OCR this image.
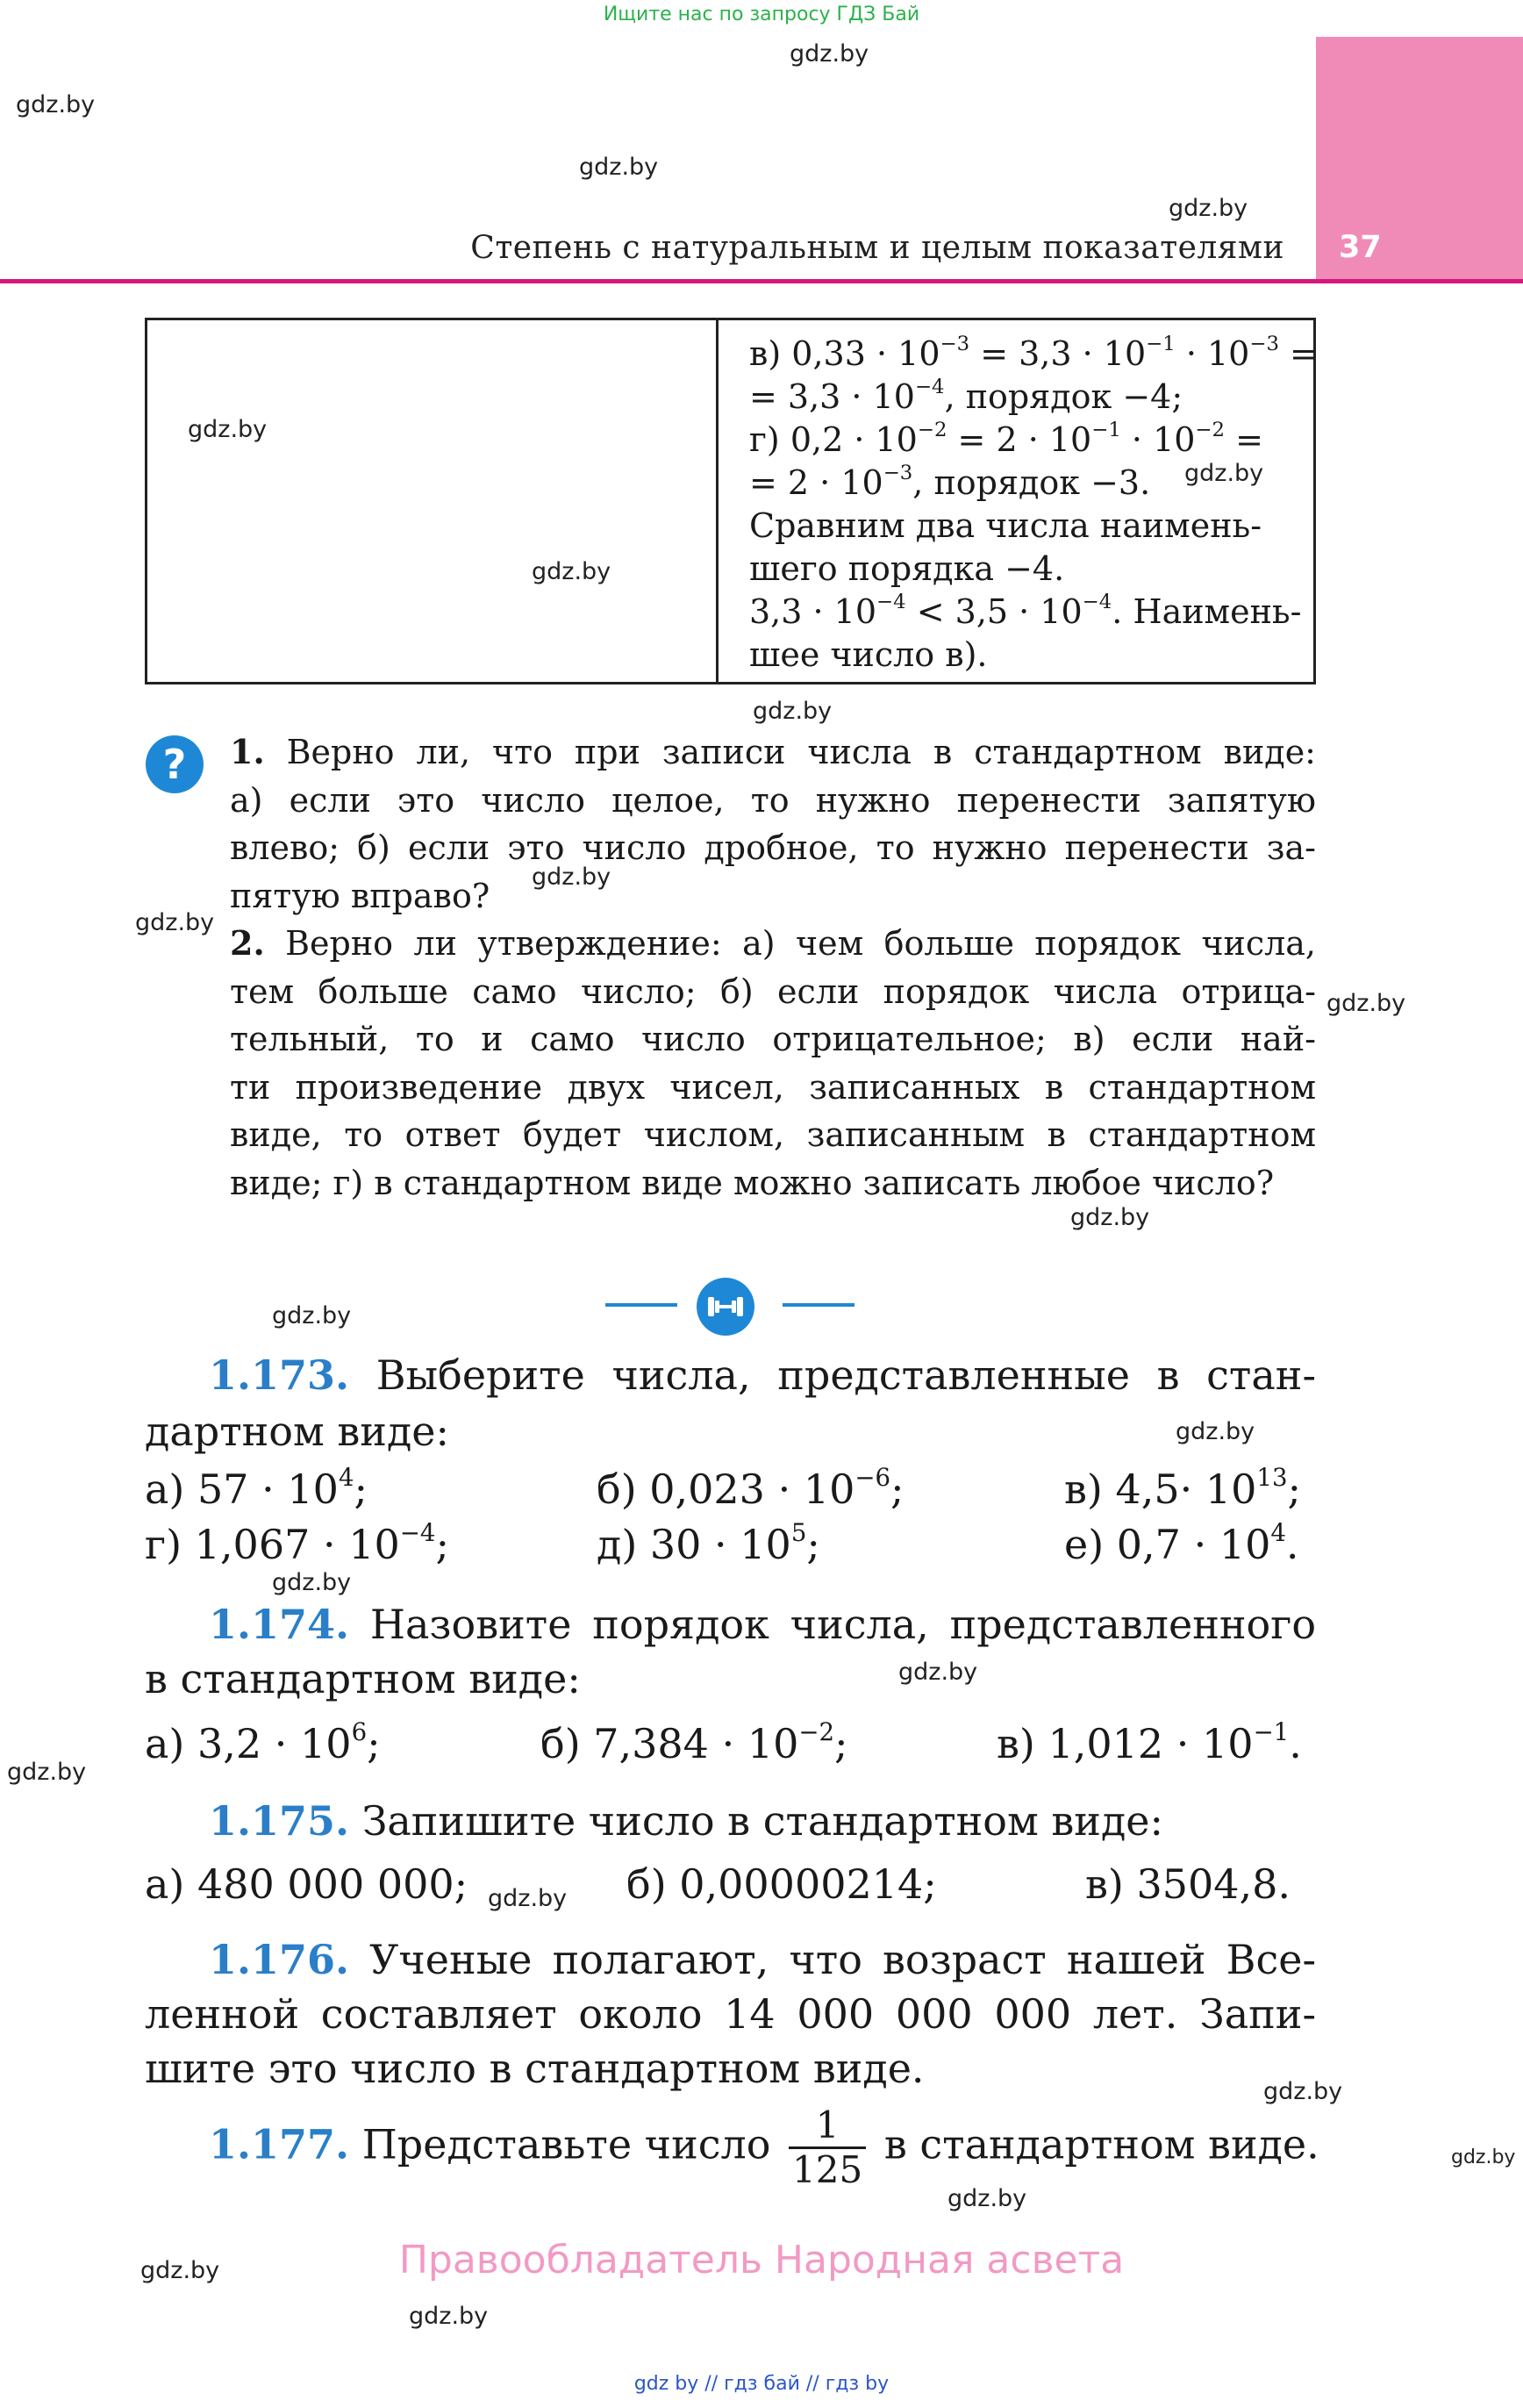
Ищите нас по запросу ГДЗ Бай
gdz.by
gdz.by
gdz.by
gdz.by
gdz.by
gdz.by
gdz.by
gdz.by
gdz.by
gdz.by
gdz.by
gdz.by
gdz.by
gdz.by
gdz.by
gdz.by
gdz.by
gdz.by
gdz.by
gdz.by
gdz.by
gdz.by
gdz.by
37
Степень с натуральным и целым показателями
в) $0,33 \cdot 10^{-3} = 3,3 \cdot 10^{-1} \cdot 10^{-3}$ =
= $3,3 \cdot 10^{-4}$, порядок −4;
г) $0,2 \cdot 10^{-2} = 2 \cdot 10^{-1} \cdot 10^{-2}$ =
= $2 \cdot 10^{-3}$, порядок −3.
Сравним два числа наимень-
шего порядка −4.
$3,3 \cdot 10^{-4} < 3,5 \cdot 10^{-4}$. Наимень-
шее число в).
?	1. Верно ли, что при записи числа в стандартном виде:
а) если это число целое, то нужно перенести запятую
влево; б) если это число дробное, то нужно перенести за-
пятую вправо?
2. Верно ли утверждение: а) чем больше порядок числа,
тем больше само число; б) если порядок числа отрица-
тельный, то и само число отрицательное; в) если най-
ти произведение двух чисел, записанных в стандартном
виде, то ответ будет числом, записанным в стандартном
виде; г) в стандартном виде можно записать любое число?
1.173. Выберите числа, представленные в стан-
дартном виде:
а) $57 \cdot 10^4$;	б) $0,023 \cdot 10^{-6}$;	в) $4,5\cdot 10^{13}$;
г) $1,067 \cdot 10^{-4}$;	д) $30 \cdot 10^5$;	е) $0,7 \cdot 10^4$.
1.174. Назовите порядок числа, представленного
в стандартном виде:
а) $3,2 \cdot 10^6$;	б) $7,384 \cdot 10^{-2}$;	в) $1,012 \cdot 10^{-1}$.
1.175. Запишите число в стандартном виде:
а) 480 000 000;	б) 0,00000214;	в) 3504,8.
1.176. Ученые полагают, что возраст нашей Все-
ленной составляет около 14 000 000 000 лет. Запи-
шите это число в стандартном виде.
1.177. Представьте число $\frac{1}{125}$ в стандартном виде.
Правообладатель Народная асвета
gdz by // гдз бай // гдз by
